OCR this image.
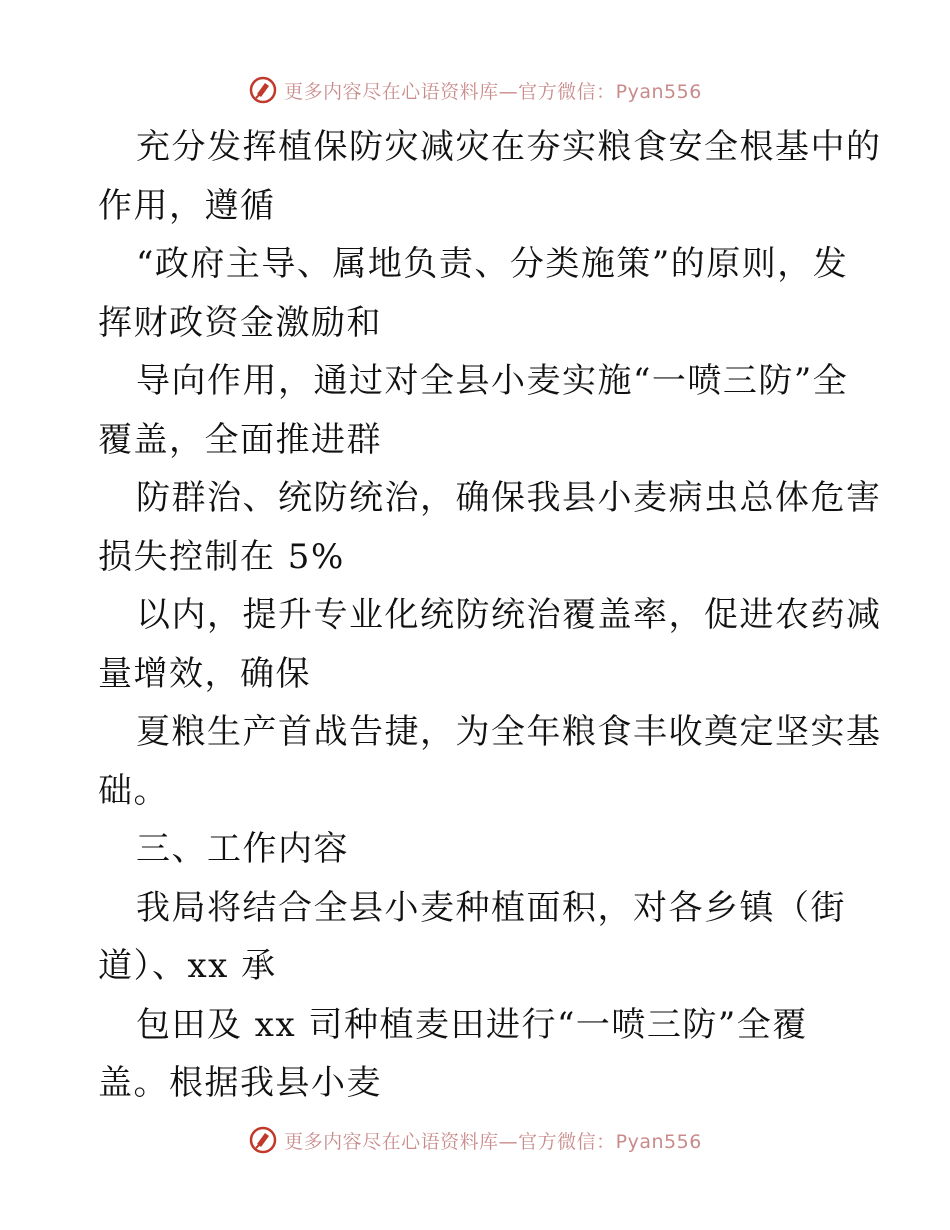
更多内容尽在心语资料库—官方微信：Pyan556
充分发挥植保防灾减灾在夯实粮食安全根基中的
作用，遵循
“政府主导、属地负责、分类施策”的原则，发
挥财政资金激励和
导向作用，通过对全县小麦实施“一喷三防”全
覆盖，全面推进群
防群治、统防统治，确保我县小麦病虫总体危害
损失控制在 5%
以内，提升专业化统防统治覆盖率，促进农药减
量增效，确保
夏粮生产首战告捷，为全年粮食丰收奠定坚实基
础。
三、工作内容
我局将结合全县小麦种植面积，对各乡镇（街
道）、xx 承
包田及 xx 司种植麦田进行“一喷三防”全覆
盖。根据我县小麦
更多内容尽在心语资料库—官方微信：Pyan556
